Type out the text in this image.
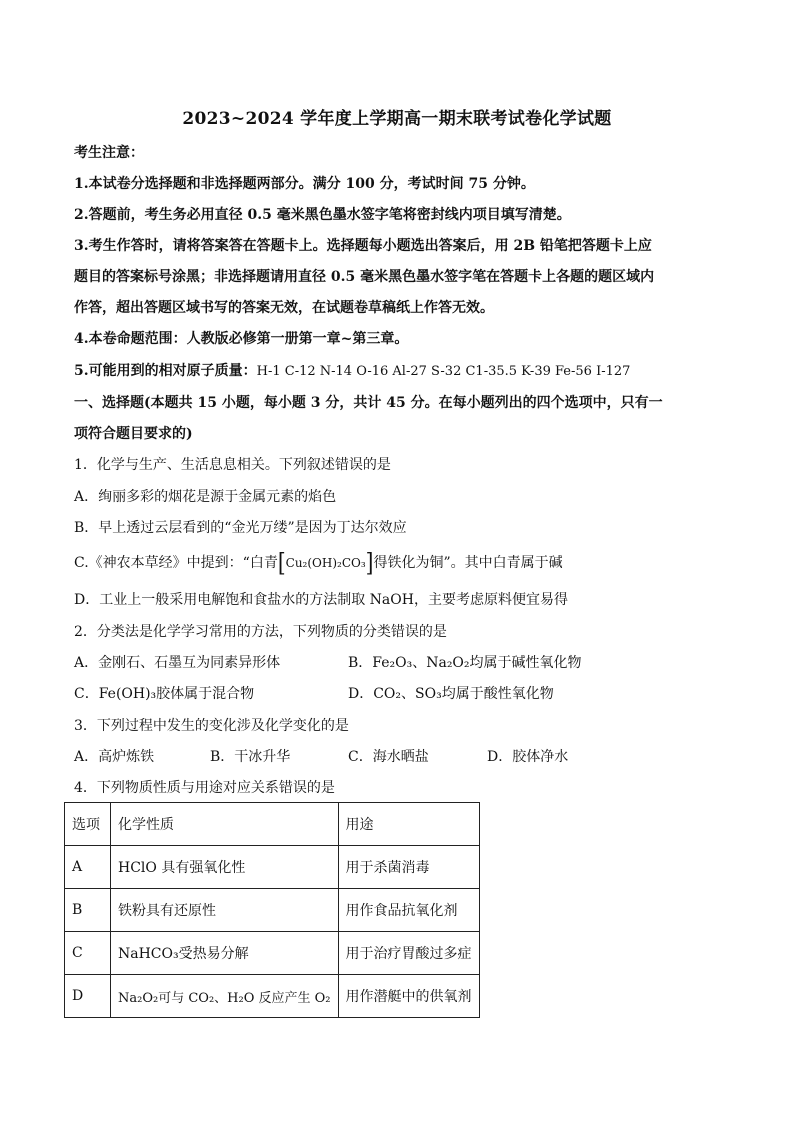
2023~2024 学年度上学期高一期末联考试卷化学试题
考生注意：
1.本试卷分选择题和非选择题两部分。满分 100 分，考试时间 75 分钟。
2.答题前，考生务必用直径 0.5 毫米黑色墨水签字笔将密封线内项目填写清楚。
3.考生作答时，请将答案答在答题卡上。选择题每小题选出答案后，用 2B 铅笔把答题卡上应
题目的答案标号涂黑；非选择题请用直径 0.5 毫米黑色墨水签字笔在答题卡上各题的题区域内
作答，超出答题区域书写的答案无效，在试题卷草稿纸上作答无效。
4.本卷命题范围：人教版必修第一册第一章~第三章。
5.可能用到的相对原子质量：H-1 C-12 N-14 O-16 Al-27 S-32 C1-35.5 K-39 Fe-56 I-127
一、选择题(本题共 15 小题，每小题 3 分，共计 45 分。在每小题列出的四个选项中，只有一
项符合题目要求的)
1．化学与生产、生活息息相关。下列叙述错误的是
A．绚丽多彩的烟花是源于金属元素的焰色
B．早上透过云层看到的“金光万缕”是因为丁达尔效应
C.《神农本草经》中提到：“白青[Cu₂(OH)₂CO₃]得铁化为铜”。其中白青属于碱
D．工业上一般采用电解饱和食盐水的方法制取 NaOH，主要考虑原料便宜易得
2．分类法是化学学习常用的方法，下列物质的分类错误的是
A．金刚石、石墨互为同素异形体	B．Fe₂O₃、Na₂O₂均属于碱性氧化物
C．Fe(OH)₃胶体属于混合物	D．CO₂、SO₃均属于酸性氧化物
3．下列过程中发生的变化涉及化学变化的是
A．高炉炼铁	B．干冰升华	C．海水晒盐	D．胶体净水
4．下列物质性质与用途对应关系错误的是
选项	化学性质	用途
A	HClO 具有强氧化性	用于杀菌消毒
B	铁粉具有还原性	用作食品抗氧化剂
C	NaHCO₃受热易分解	用于治疗胃酸过多症
D	Na₂O₂可与 CO₂、H₂O 反应产生 O₂	用作潜艇中的供氧剂
